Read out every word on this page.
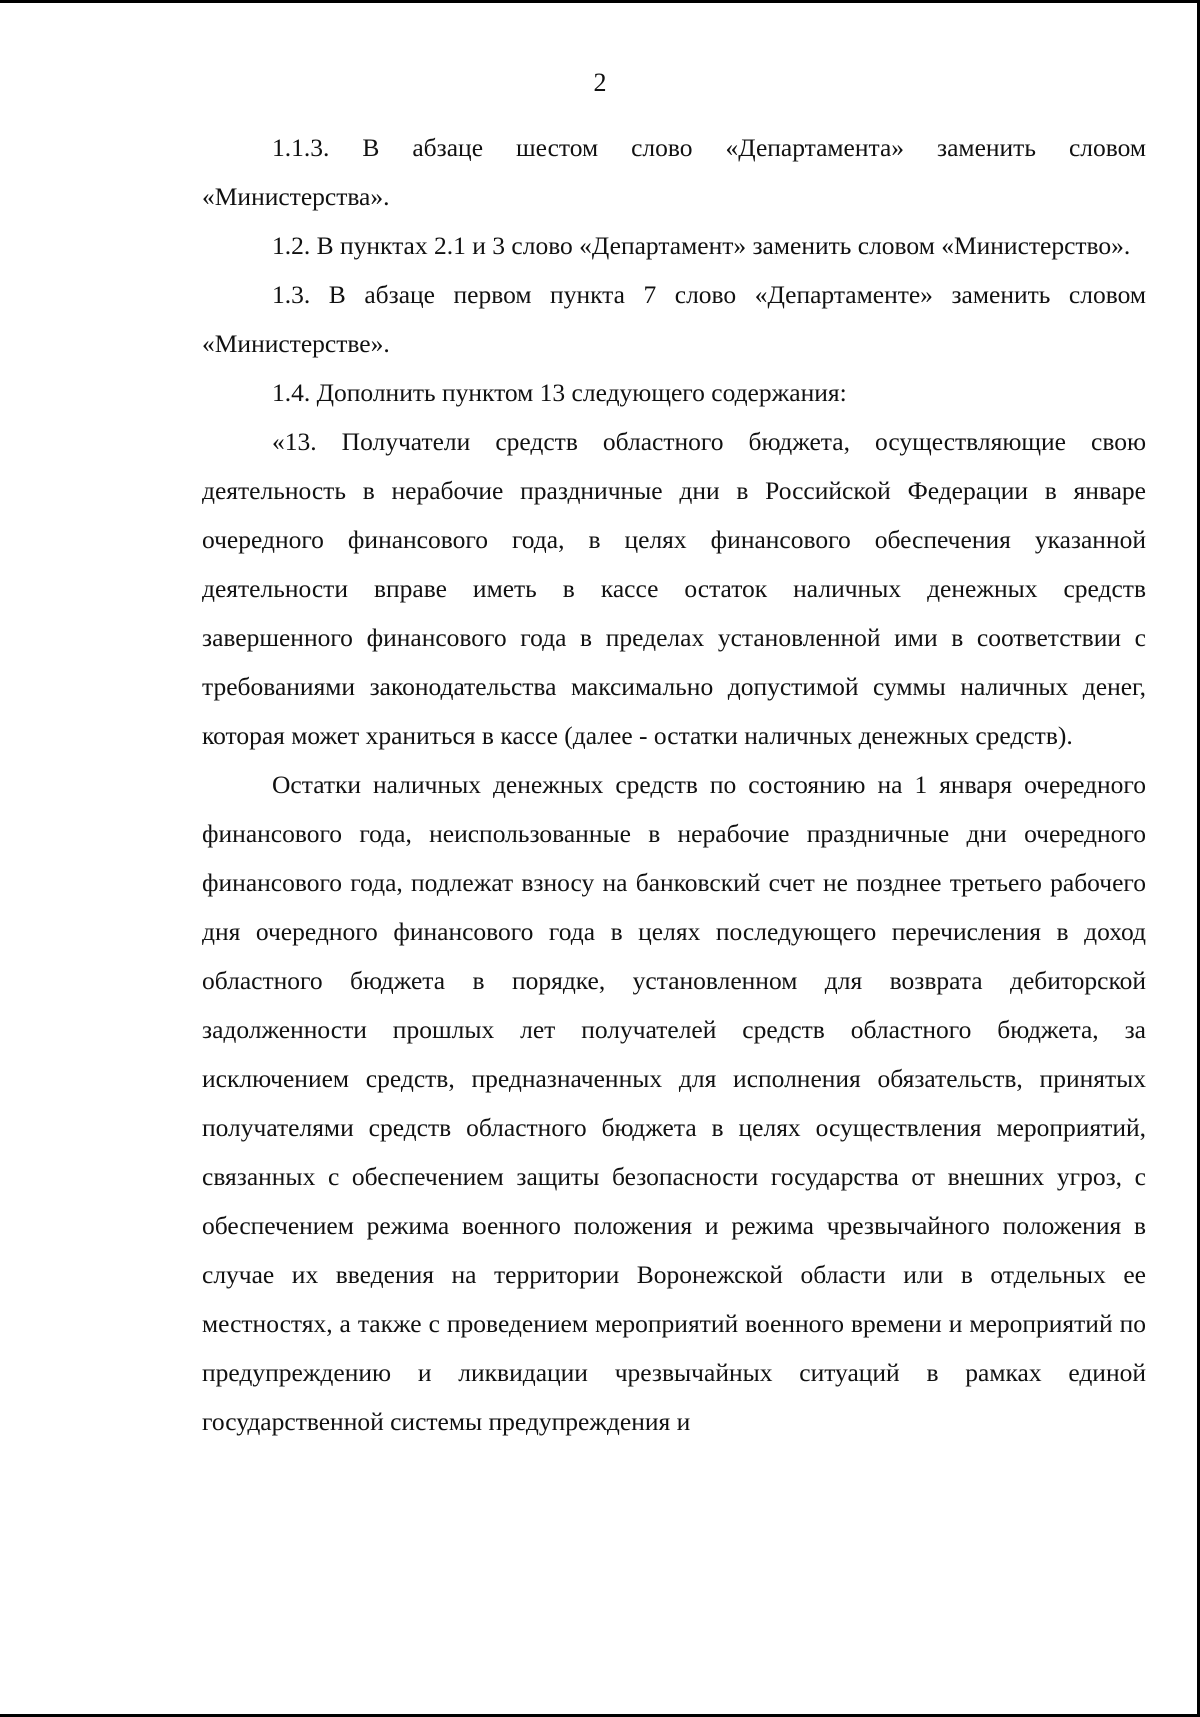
2

1.1.3. В абзаце шестом слово «Департамента» заменить словом «Министерства».

1.2. В пунктах 2.1 и 3 слово «Департамент» заменить словом «Министерство».

1.3. В абзаце первом пункта 7 слово «Департаменте» заменить словом «Министерстве».

1.4. Дополнить пунктом 13 следующего содержания:

«13. Получатели средств областного бюджета, осуществляющие свою деятельность в нерабочие праздничные дни в Российской Федерации в январе очередного финансового года, в целях финансового обеспечения указанной деятельности вправе иметь в кассе остаток наличных денежных средств завершенного финансового года в пределах установленной ими в соответствии с требованиями законодательства максимально допустимой суммы наличных денег, которая может храниться в кассе (далее - остатки наличных денежных средств).

Остатки наличных денежных средств по состоянию на 1 января очередного финансового года, неиспользованные в нерабочие праздничные дни очередного финансового года, подлежат взносу на банковский счет не позднее третьего рабочего дня очередного финансового года в целях последующего перечисления в доход областного бюджета в порядке, установленном для возврата дебиторской задолженности прошлых лет получателей средств областного бюджета, за исключением средств, предназначенных для исполнения обязательств, принятых получателями средств областного бюджета в целях осуществления мероприятий, связанных с обеспечением защиты безопасности государства от внешних угроз, с обеспечением режима военного положения и режима чрезвычайного положения в случае их введения на территории Воронежской области или в отдельных ее местностях, а также с проведением мероприятий военного времени и мероприятий по предупреждению и ликвидации чрезвычайных ситуаций в рамках единой государственной системы предупреждения и
